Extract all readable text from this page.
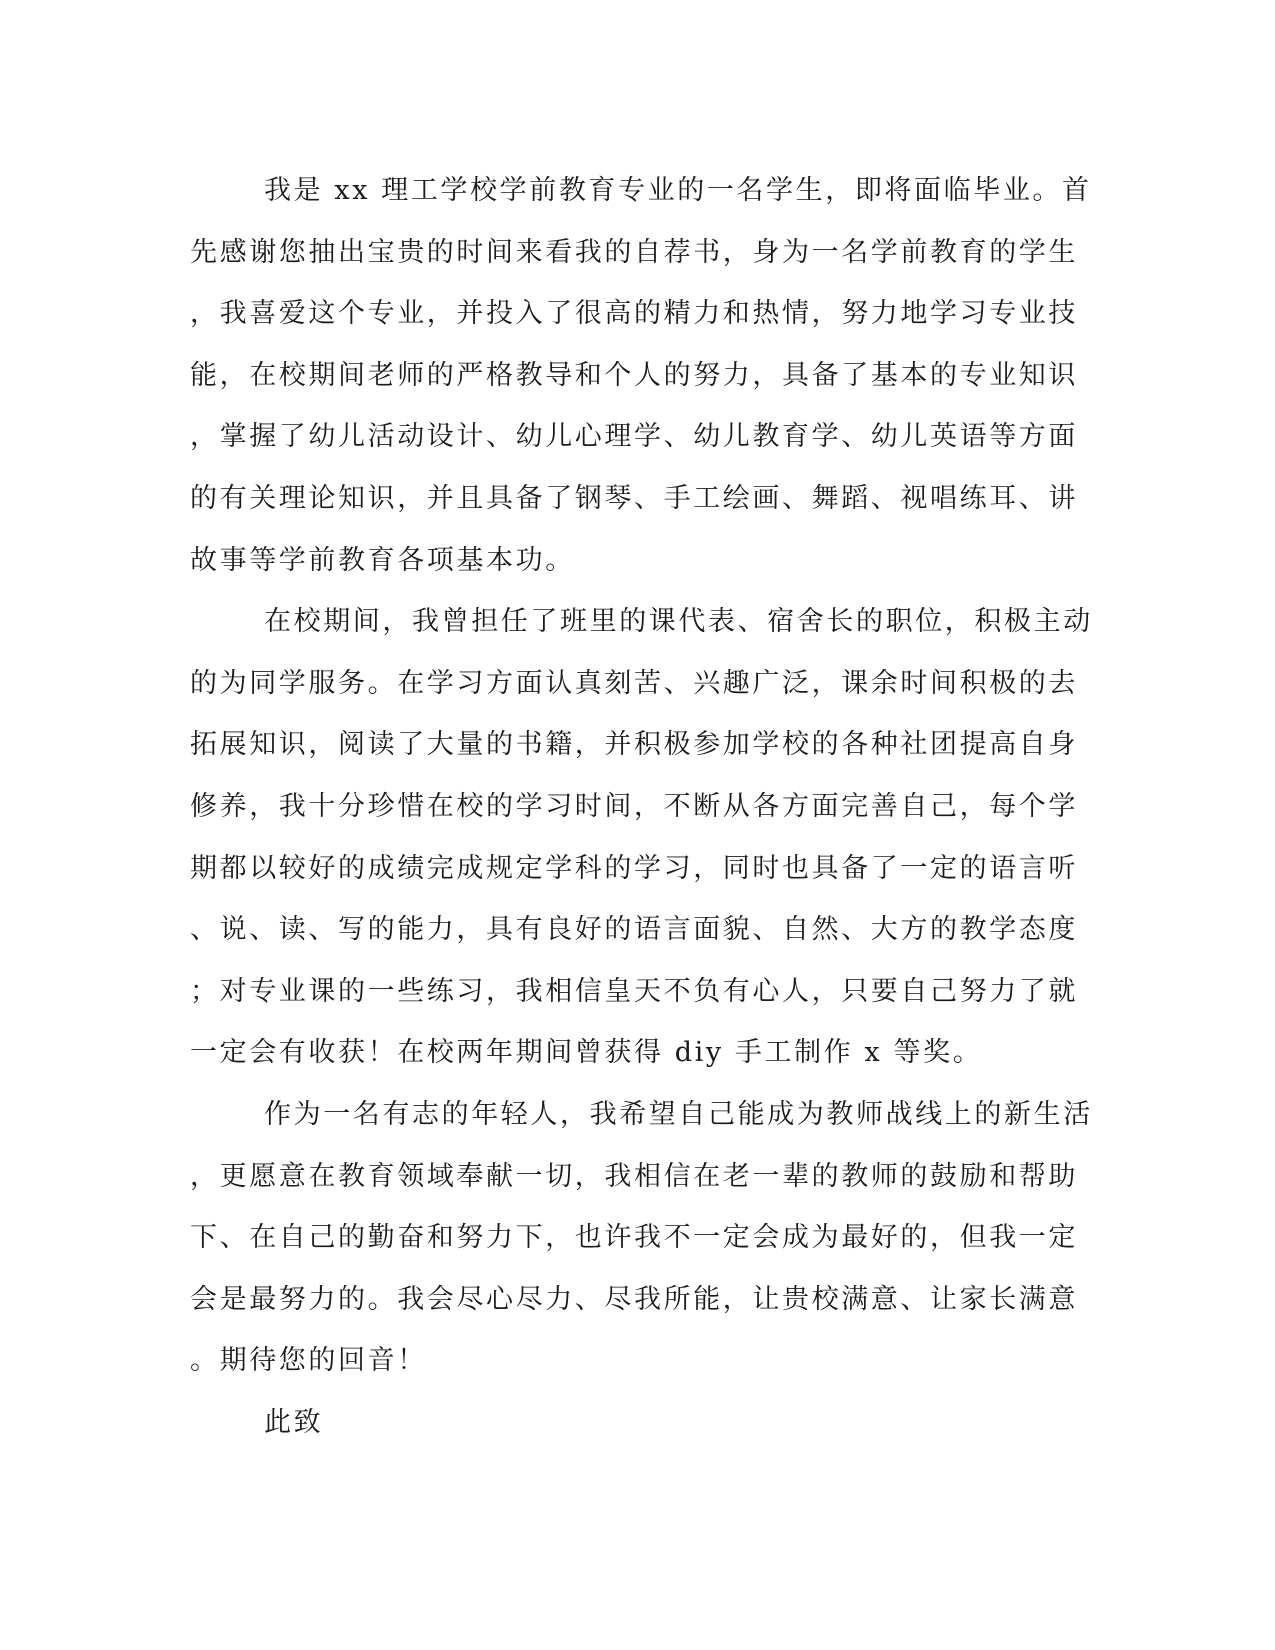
我是 xx 理工学校学前教育专业的一名学生，即将面临毕业。首
先感谢您抽出宝贵的时间来看我的自荐书，身为一名学前教育的学生
，我喜爱这个专业，并投入了很高的精力和热情，努力地学习专业技
能，在校期间老师的严格教导和个人的努力，具备了基本的专业知识
，掌握了幼儿活动设计、幼儿心理学、幼儿教育学、幼儿英语等方面
的有关理论知识，并且具备了钢琴、手工绘画、舞蹈、视唱练耳、讲
故事等学前教育各项基本功。
在校期间，我曾担任了班里的课代表、宿舍长的职位，积极主动
的为同学服务。在学习方面认真刻苦、兴趣广泛，课余时间积极的去
拓展知识，阅读了大量的书籍，并积极参加学校的各种社团提高自身
修养，我十分珍惜在校的学习时间，不断从各方面完善自己，每个学
期都以较好的成绩完成规定学科的学习，同时也具备了一定的语言听
、说、读、写的能力，具有良好的语言面貌、自然、大方的教学态度
；对专业课的一些练习，我相信皇天不负有心人，只要自己努力了就
一定会有收获！在校两年期间曾获得 diy 手工制作 x 等奖。
作为一名有志的年轻人，我希望自己能成为教师战线上的新生活
，更愿意在教育领域奉献一切，我相信在老一辈的教师的鼓励和帮助
下、在自己的勤奋和努力下，也许我不一定会成为最好的，但我一定
会是最努力的。我会尽心尽力、尽我所能，让贵校满意、让家长满意
。期待您的回音！
此致
